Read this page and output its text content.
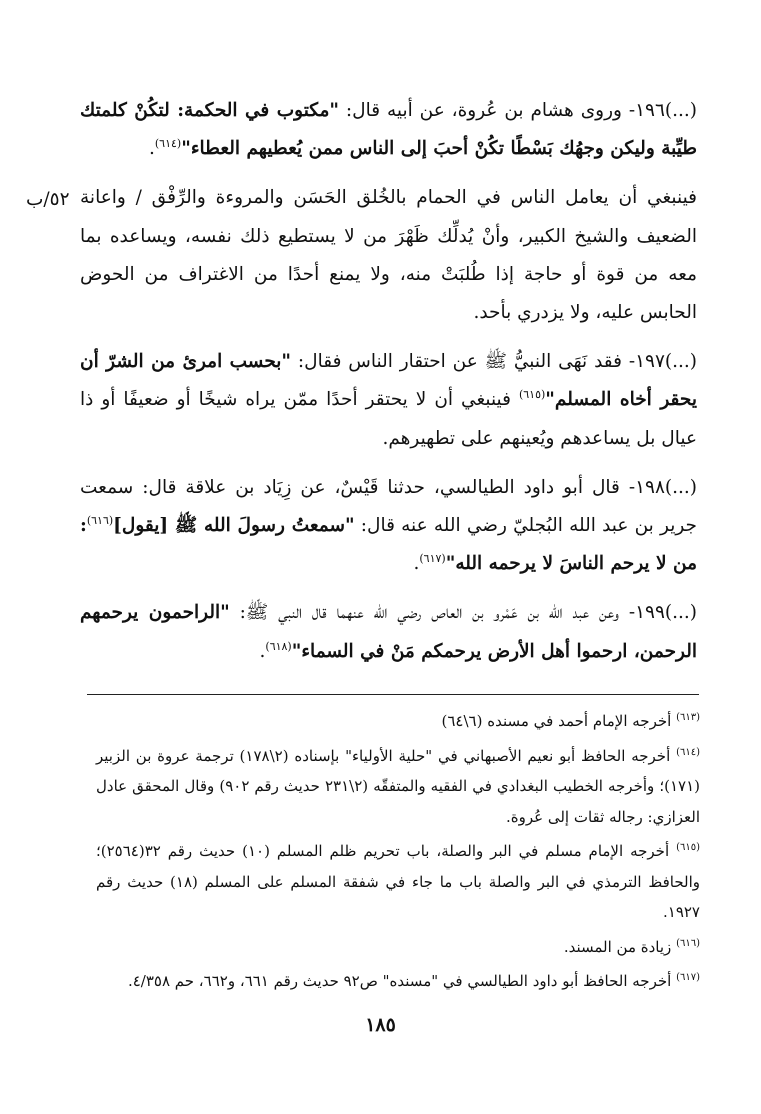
(...)١٩٦- وروى هشام بن عُروة، عن أبيه قال: "مكتوب في الحكمة: لتكُنْ كلمتك طيِّبة وليكن وجهُك بَسْطًا تكُنْ أحبَ إلى الناس ممن يُعطيهم العطاء"$^{(٦١٤)}$.

فينبغي أن يعامل الناس في الحمام بالخُلق الحَسَن والمروءة والرِّفْق / واعانة الضعيف والشيخ الكبير، وأنْ يُدلِّك ظَهْرَ من لا يستطيع ذلك نفسه، ويساعده بما معه من قوة أو حاجة إذا طُلبَتْ منه، ولا يمنع أحدًا من الاغتراف من الحوض الحابس عليه، ولا يزدري بأحد.

(...)١٩٧- فقد نَهَى النبيُّ ﷺ عن احتقار الناس فقال: "بحسب امرئ من الشرّ أن يحقر أخاه المسلم"$^{(٦١٥)}$ فينبغي أن لا يحتقر أحدًا ممّن يراه شيخًا أو ضعيفًا أو ذا عيال بل يساعدهم ويُعينهم على تطهيرهم.

(...)١٩٨- قال أبو داود الطيالسي، حدثنا قَيْسٌ، عن زِيَاد بن علاقة قال: سمعت جرير بن عبد الله البُجليّ رضي الله عنه قال: "سمعتُ رسولَ الله ﷺ [يقول]$^{(٦١٦)}$: من لا يرحم الناسَ لا يرحمه الله"$^{(٦١٧)}$.

(...)١٩٩- وعن عبد الله بن عَمْرو بن العاص رضي الله عنهما قال النبي ﷺ: "الراحمون يرحمهم الرحمن، ارحموا أهل الأرض يرحمكم مَنْ في السماء"$^{(٦١٨)}$.

٥٢/ب

$^{(٦١٣)}$ أخرجه الإمام أحمد في مسنده (٦\٦٤)

$^{(٦١٤)}$ أخرجه الحافظ أبو نعيم الأصبهاني في "حلية الأولياء" بإسناده (٢\١٧٨) ترجمة عروة بن الزبير (١٧١)؛ وأخرجه الخطيب البغدادي في الفقيه والمتفقّه (٢\٢٣١ حديث رقم ٩٠٢) وقال المحقق عادل العزازي: رجاله ثقات إلى عُروة.

$^{(٦١٥)}$ أخرجه الإمام مسلم في البر والصلة، باب تحريم ظلم المسلم (١٠) حديث رقم ٣٢(٢٥٦٤)؛ والحافظ الترمذي في البر والصلة باب ما جاء في شفقة المسلم على المسلم (١٨) حديث رقم ١٩٢٧.

$^{(٦١٦)}$ زيادة من المسند.

$^{(٦١٧)}$ أخرجه الحافظ أبو داود الطيالسي في "مسنده" ص٩٢ حديث رقم ٦٦١، و٦٦٢، حم ٤/٣٥٨.

١٨٥
